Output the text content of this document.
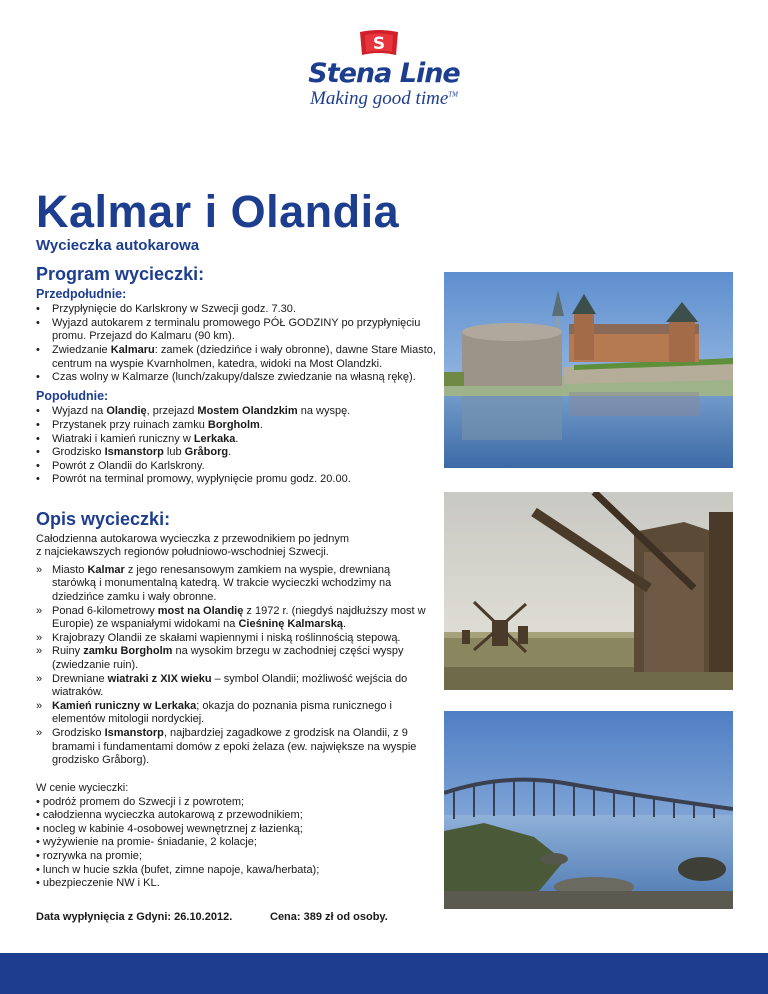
S
Stena Line
Making good time™
Kalmar i Olandia
Wycieczka autokarowa
Program wycieczki:
Przedpołudnie:
• Przypłynięcie do Karlskrony w Szwecji godz. 7.30.
• Wyjazd autokarem z terminalu promowego PÓŁ GODZINY po przypłynięciu promu. Przejazd do Kalmaru (90 km).
• Zwiedzanie Kalmaru: zamek (dziedzińce i wały obronne), dawne Stare Miasto, centrum na wyspie Kvarnholmen, katedra, widoki na Most Olandzki.
• Czas wolny w Kalmarze (lunch/zakupy/dalsze zwiedzanie na własną rękę).
Popołudnie:
• Wyjazd na Olandię, przejazd Mostem Olandzkim na wyspę.
• Przystanek przy ruinach zamku Borgholm.
• Wiatraki i kamień runiczny w Lerkaka.
• Grodzisko Ismanstorp lub Gråborg.
• Powrót z Olandii do Karlskrony.
• Powrót na terminal promowy, wypłynięcie promu godz. 20.00.
Opis wycieczki:
Całodzienna autokarowa wycieczka z przewodnikiem po jednym z najciekawszych regionów południowo-wschodniej Szwecji.
» Miasto Kalmar z jego renesansowym zamkiem na wyspie, drewnianą starówką i monumentalną katedrą. W trakcie wycieczki wchodzimy na dziedzińce zamku i wały obronne.
» Ponad 6-kilometrowy most na Olandię z 1972 r. (niegdyś najdłuższy most w Europie) ze wspaniałymi widokami na Cieśninę Kalmarską.
» Krajobrazy Olandii ze skałami wapiennymi i niską roślinnością stepową.
» Ruiny zamku Borgholm na wysokim brzegu w zachodniej części wyspy (zwiedzanie ruin).
» Drewniane wiatraki z XIX wieku – symbol Olandii; możliwość wejścia do wiatraków.
» Kamień runiczny w Lerkaka; okazja do poznania pisma runicznego i elementów mitologii nordyckiej.
» Grodzisko Ismanstorp, najbardziej zagadkowe z grodzisk na Olandii, z 9 bramami i fundamentami domów z epoki żelaza (ew. największe na wyspie grodzisko Gråborg).
W cenie wycieczki:
• podróż promem do Szwecji i z powrotem;
• całodzienna wycieczka autokarową z przewodnikiem;
• nocleg w kabinie 4-osobowej wewnętrznej z łazienką;
• wyżywienie na promie- śniadanie, 2 kolacje;
• rozrywka na promie;
• lunch w hucie szkła (bufet, zimne napoje, kawa/herbata);
• ubezpieczenie NW i KL.
Data wypłynięcia z Gdyni: 26.10.2012.	Cena: 389 zł od osoby.
